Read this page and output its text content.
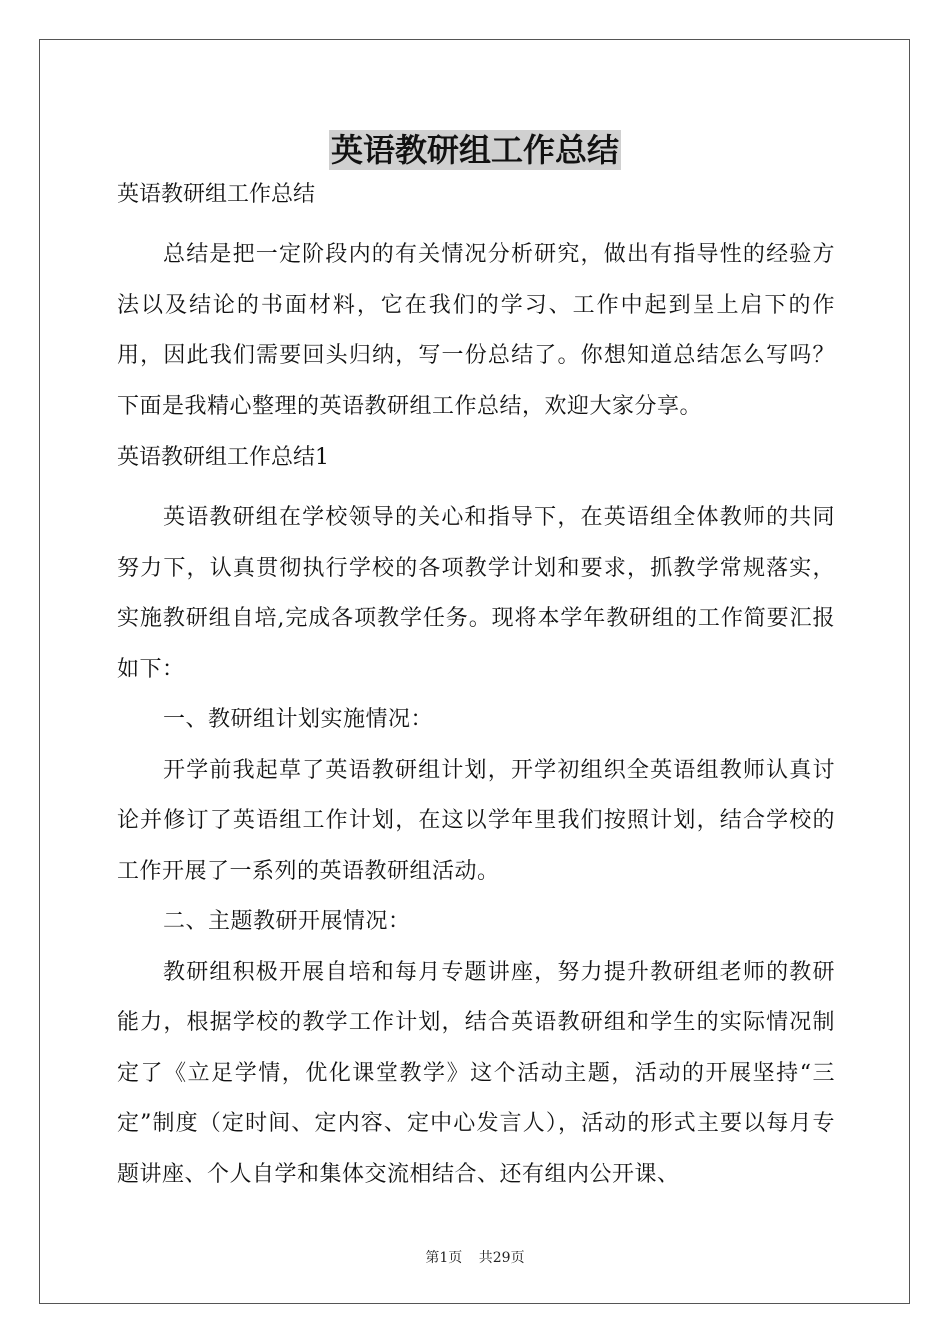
英语教研组工作总结

英语教研组工作总结

总结是把一定阶段内的有关情况分析研究，做出有指导性的经验方法以及结论的书面材料，它在我们的学习、工作中起到呈上启下的作用，因此我们需要回头归纳，写一份总结了。你想知道总结怎么写吗？下面是我精心整理的英语教研组工作总结，欢迎大家分享。

英语教研组工作总结1

英语教研组在学校领导的关心和指导下，在英语组全体教师的共同努力下，认真贯彻执行学校的各项教学计划和要求，抓教学常规落实，实施教研组自培,完成各项教学任务。现将本学年教研组的工作简要汇报如下：

一、教研组计划实施情况：

开学前我起草了英语教研组计划，开学初组织全英语组教师认真讨论并修订了英语组工作计划，在这以学年里我们按照计划，结合学校的工作开展了一系列的英语教研组活动。

二、主题教研开展情况：

教研组积极开展自培和每月专题讲座，努力提升教研组老师的教研能力，根据学校的教学工作计划，结合英语教研组和学生的实际情况制定了《立足学情，优化课堂教学》这个活动主题，活动的开展坚持“三定”制度（定时间、定内容、定中心发言人），活动的形式主要以每月专题讲座、个人自学和集体交流相结合、还有组内公开课、

第1页 共29页
